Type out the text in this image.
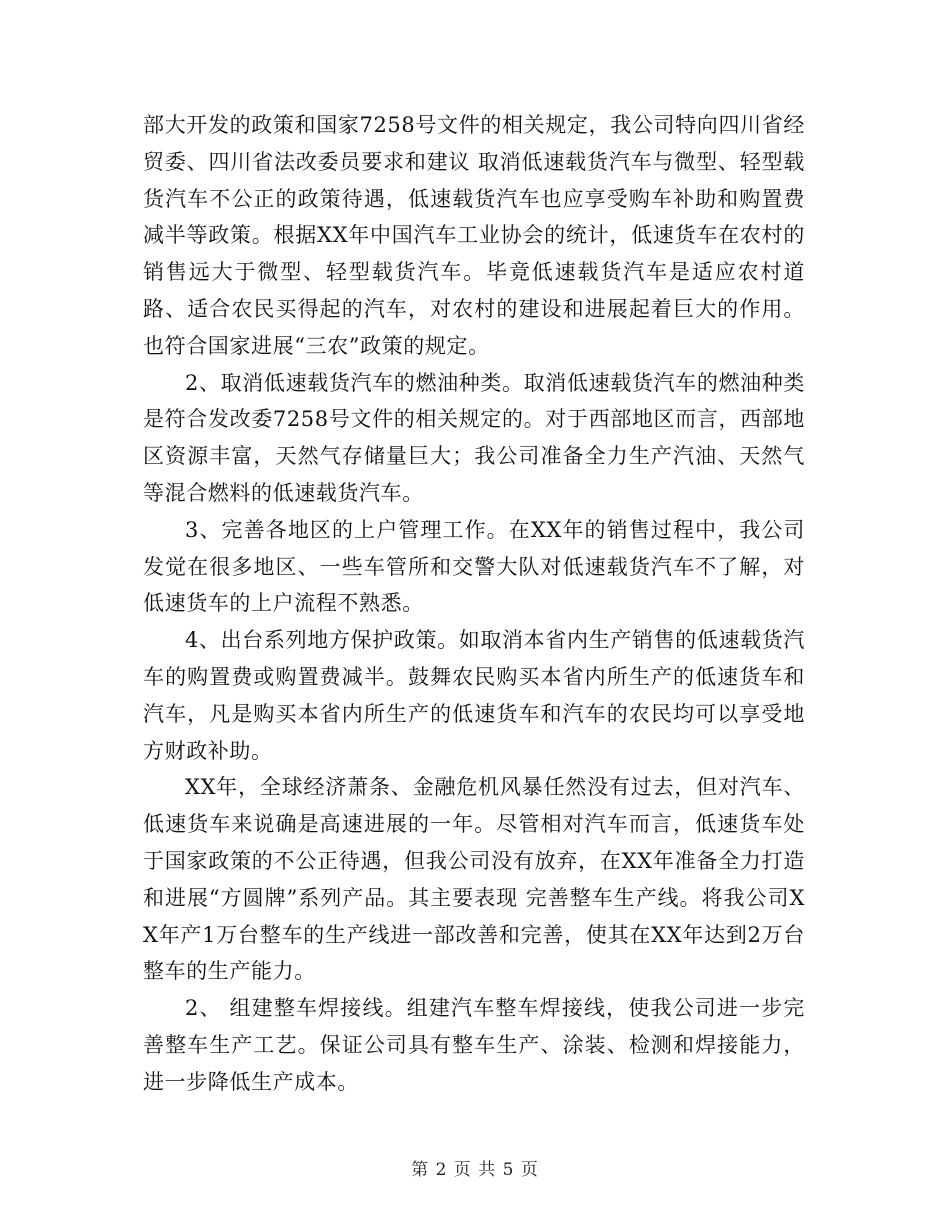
部大开发的政策和国家7258号文件的相关规定，我公司特向四川省经贸委、四川省法改委员要求和建议 取消低速载货汽车与微型、轻型载货汽车不公正的政策待遇，低速载货汽车也应享受购车补助和购置费减半等政策。根据XX年中国汽车工业协会的统计，低速货车在农村的销售远大于微型、轻型载货汽车。毕竟低速载货汽车是适应农村道路、适合农民买得起的汽车，对农村的建设和进展起着巨大的作用。也符合国家进展“三农”政策的规定。

2、取消低速载货汽车的燃油种类。取消低速载货汽车的燃油种类是符合发改委7258号文件的相关规定的。对于西部地区而言，西部地区资源丰富，天然气存储量巨大；我公司准备全力生产汽油、天然气等混合燃料的低速载货汽车。

3、完善各地区的上户管理工作。在XX年的销售过程中，我公司发觉在很多地区、一些车管所和交警大队对低速载货汽车不了解，对低速货车的上户流程不熟悉。

4、出台系列地方保护政策。如取消本省内生产销售的低速载货汽车的购置费或购置费减半。鼓舞农民购买本省内所生产的低速货车和汽车，凡是购买本省内所生产的低速货车和汽车的农民均可以享受地方财政补助。

XX年，全球经济萧条、金融危机风暴任然没有过去，但对汽车、低速货车来说确是高速进展的一年。尽管相对汽车而言，低速货车处于国家政策的不公正待遇，但我公司没有放弃，在XX年准备全力打造和进展“方圆牌”系列产品。其主要表现 完善整车生产线。将我公司XX年产1万台整车的生产线进一部改善和完善，使其在XX年达到2万台整车的生产能力。

2、 组建整车焊接线。组建汽车整车焊接线，使我公司进一步完善整车生产工艺。保证公司具有整车生产、涂装、检测和焊接能力，进一步降低生产成本。

第 2 页 共 5 页
